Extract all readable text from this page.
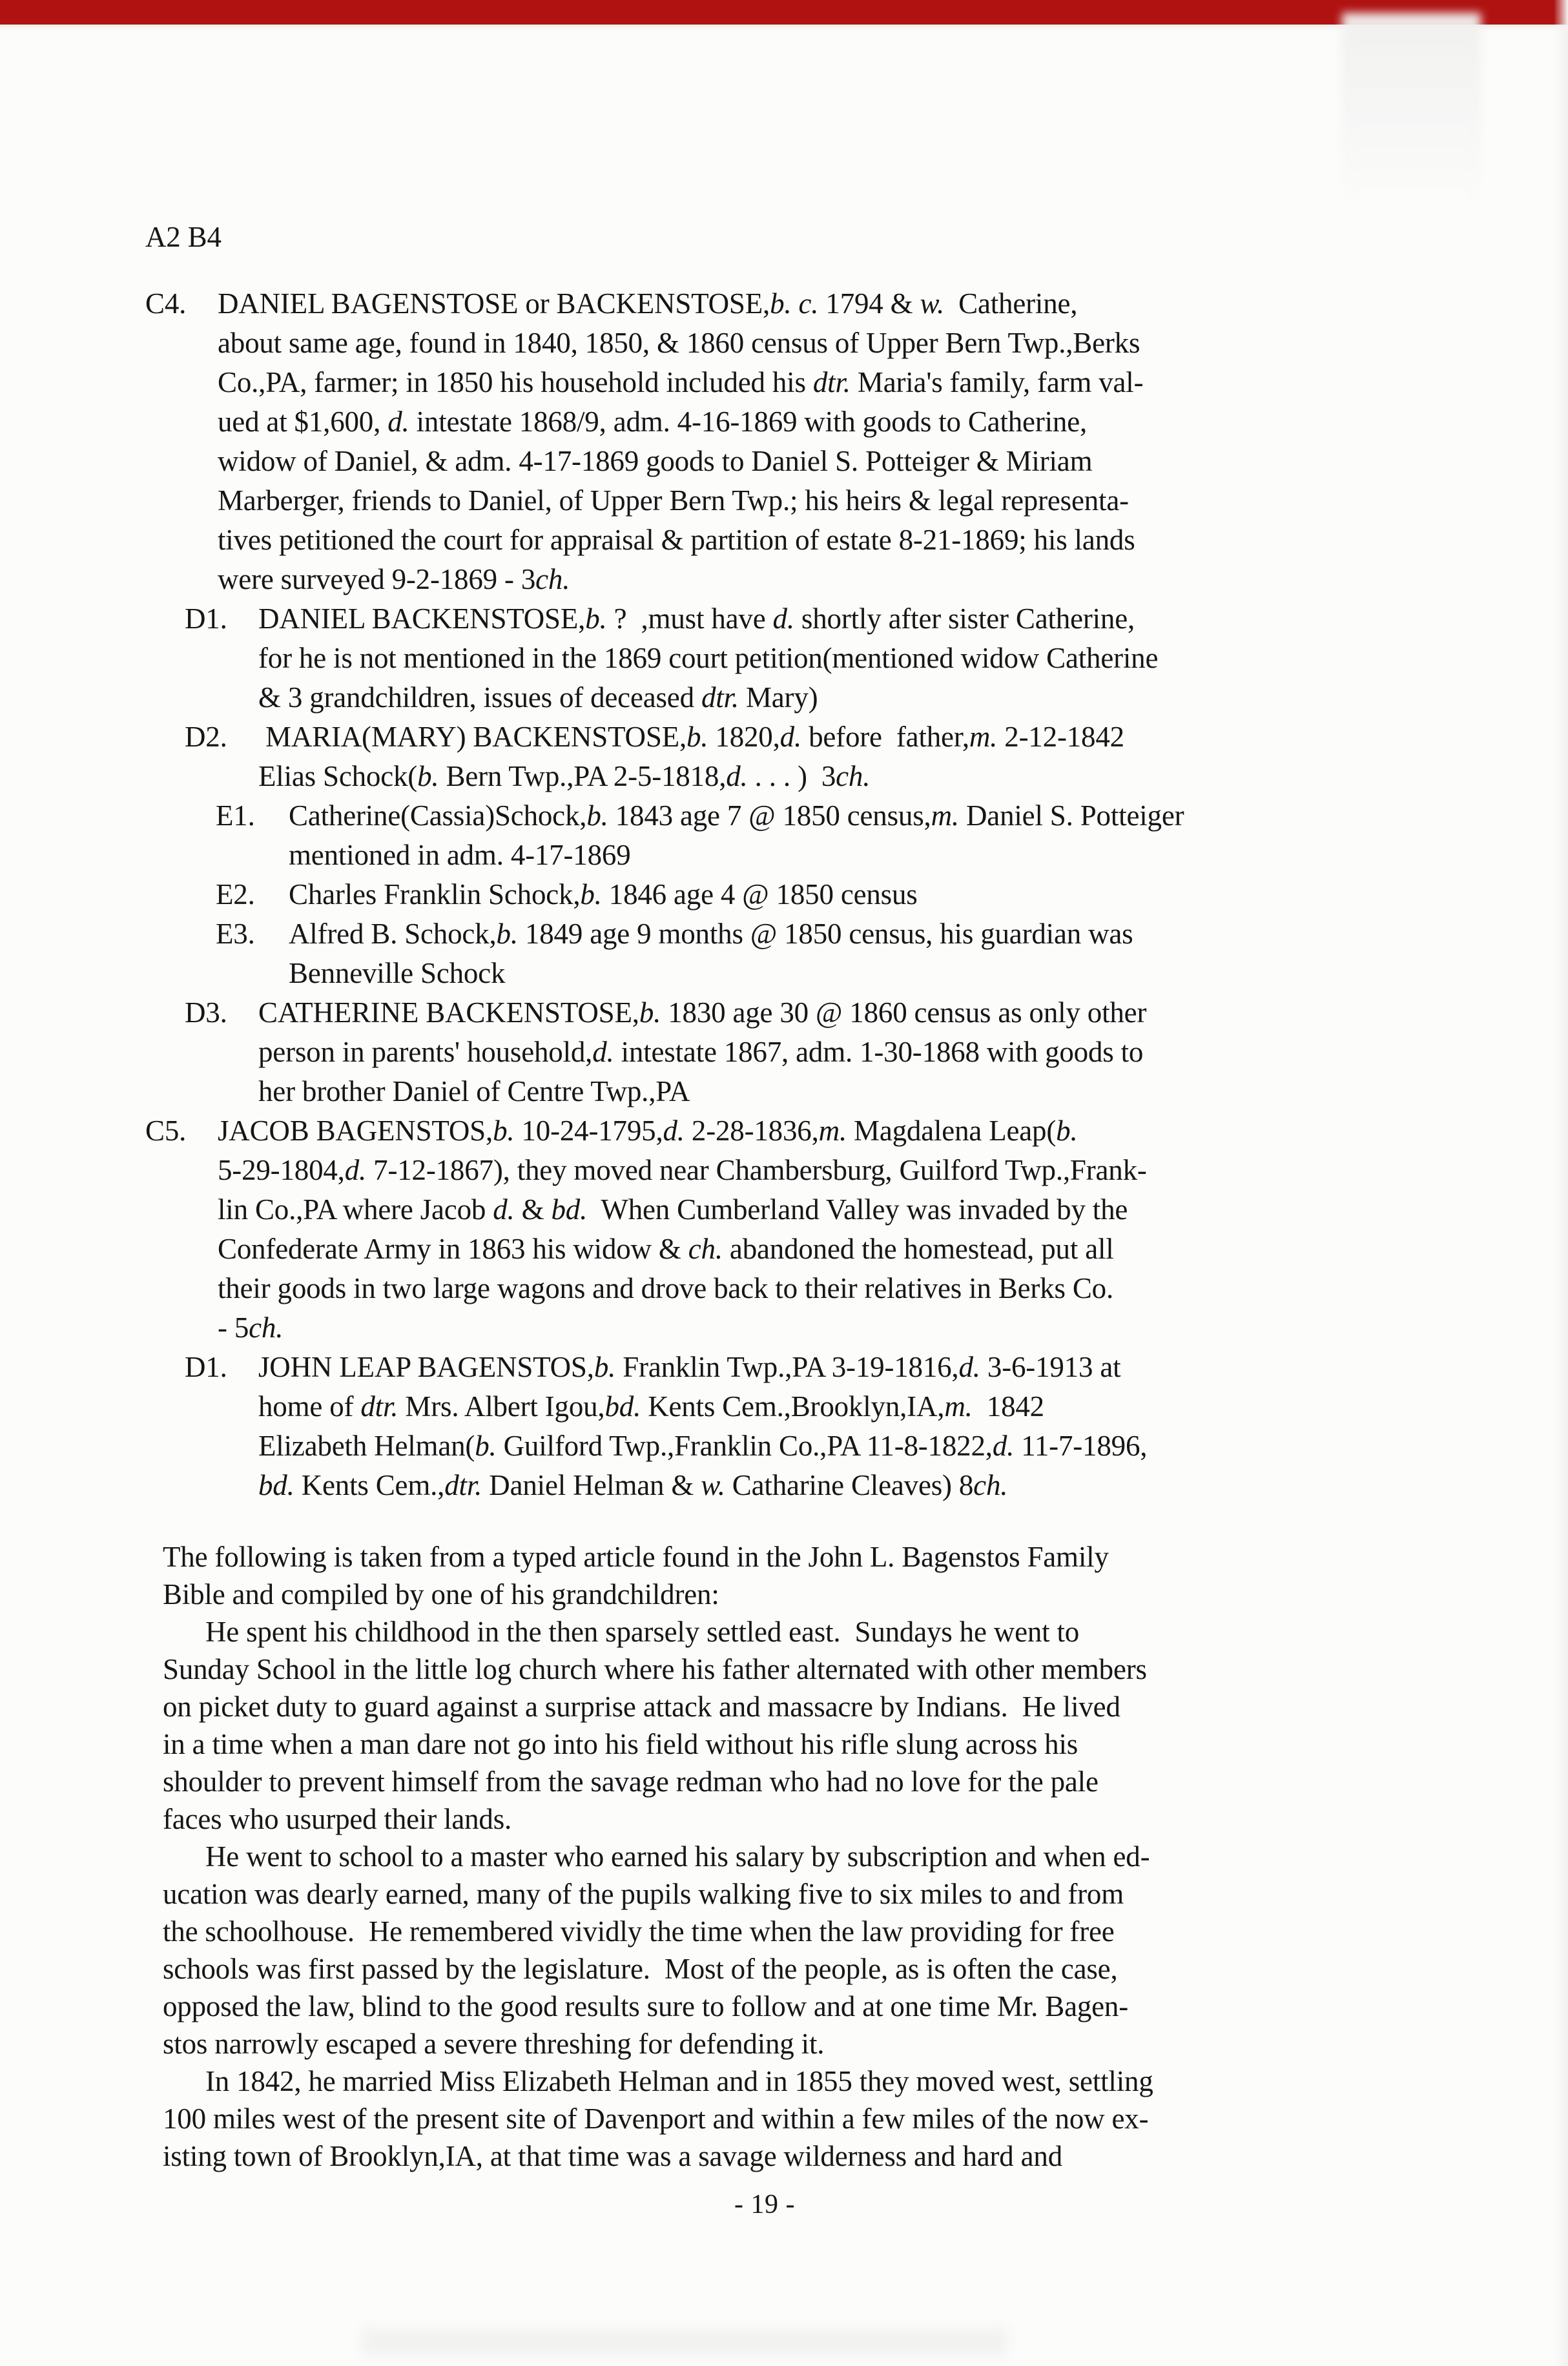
A2 B4
C4. DANIEL BAGENSTOSE or BACKENSTOSE,b. c. 1794 & w.  Catherine,
about same age, found in 1840, 1850, & 1860 census of Upper Bern Twp.,Berks
Co.,PA, farmer; in 1850 his household included his dtr. Maria's family, farm val-
ued at $1,600, d. intestate 1868/9, adm. 4-16-1869 with goods to Catherine,
widow of Daniel, & adm. 4-17-1869 goods to Daniel S. Potteiger & Miriam
Marberger, friends to Daniel, of Upper Bern Twp.; his heirs & legal representa-
tives petitioned the court for appraisal & partition of estate 8-21-1869; his lands
were surveyed 9-2-1869 - 3ch.
D1. DANIEL BACKENSTOSE,b. ?  ,must have d. shortly after sister Catherine,
for he is not mentioned in the 1869 court petition(mentioned widow Catherine
& 3 grandchildren, issues of deceased dtr. Mary)
D2. MARIA(MARY) BACKENSTOSE,b. 1820,d. before  father,m. 2-12-1842
Elias Schock(b. Bern Twp.,PA 2-5-1818,d. . . . )  3ch.
E1. Catherine(Cassia)Schock,b. 1843 age 7 @ 1850 census,m. Daniel S. Potteiger
mentioned in adm. 4-17-1869
E2. Charles Franklin Schock,b. 1846 age 4 @ 1850 census
E3. Alfred B. Schock,b. 1849 age 9 months @ 1850 census, his guardian was
Benneville Schock
D3. CATHERINE BACKENSTOSE,b. 1830 age 30 @ 1860 census as only other
person in parents' household,d. intestate 1867, adm. 1-30-1868 with goods to
her brother Daniel of Centre Twp.,PA
C5. JACOB BAGENSTOS,b. 10-24-1795,d. 2-28-1836,m. Magdalena Leap(b.
5-29-1804,d. 7-12-1867), they moved near Chambersburg, Guilford Twp.,Frank-
lin Co.,PA where Jacob d. & bd.  When Cumberland Valley was invaded by the
Confederate Army in 1863 his widow & ch. abandoned the homestead, put all
their goods in two large wagons and drove back to their relatives in Berks Co.
- 5ch.
D1. JOHN LEAP BAGENSTOS,b. Franklin Twp.,PA 3-19-1816,d. 3-6-1913 at
home of dtr. Mrs. Albert Igou,bd. Kents Cem.,Brooklyn,IA,m.  1842
Elizabeth Helman(b. Guilford Twp.,Franklin Co.,PA 11-8-1822,d. 11-7-1896,
bd. Kents Cem.,dtr. Daniel Helman & w. Catharine Cleaves) 8ch.
The following is taken from a typed article found in the John L. Bagenstos Family
Bible and compiled by one of his grandchildren:
He spent his childhood in the then sparsely settled east.  Sundays he went to
Sunday School in the little log church where his father alternated with other members
on picket duty to guard against a surprise attack and massacre by Indians.  He lived
in a time when a man dare not go into his field without his rifle slung across his
shoulder to prevent himself from the savage redman who had no love for the pale
faces who usurped their lands.
He went to school to a master who earned his salary by subscription and when ed-
ucation was dearly earned, many of the pupils walking five to six miles to and from
the schoolhouse.  He remembered vividly the time when the law providing for free
schools was first passed by the legislature.  Most of the people, as is often the case,
opposed the law, blind to the good results sure to follow and at one time Mr. Bagen-
stos narrowly escaped a severe threshing for defending it.
In 1842, he married Miss Elizabeth Helman and in 1855 they moved west, settling
100 miles west of the present site of Davenport and within a few miles of the now ex-
isting town of Brooklyn,IA, at that time was a savage wilderness and hard and
- 19 -
